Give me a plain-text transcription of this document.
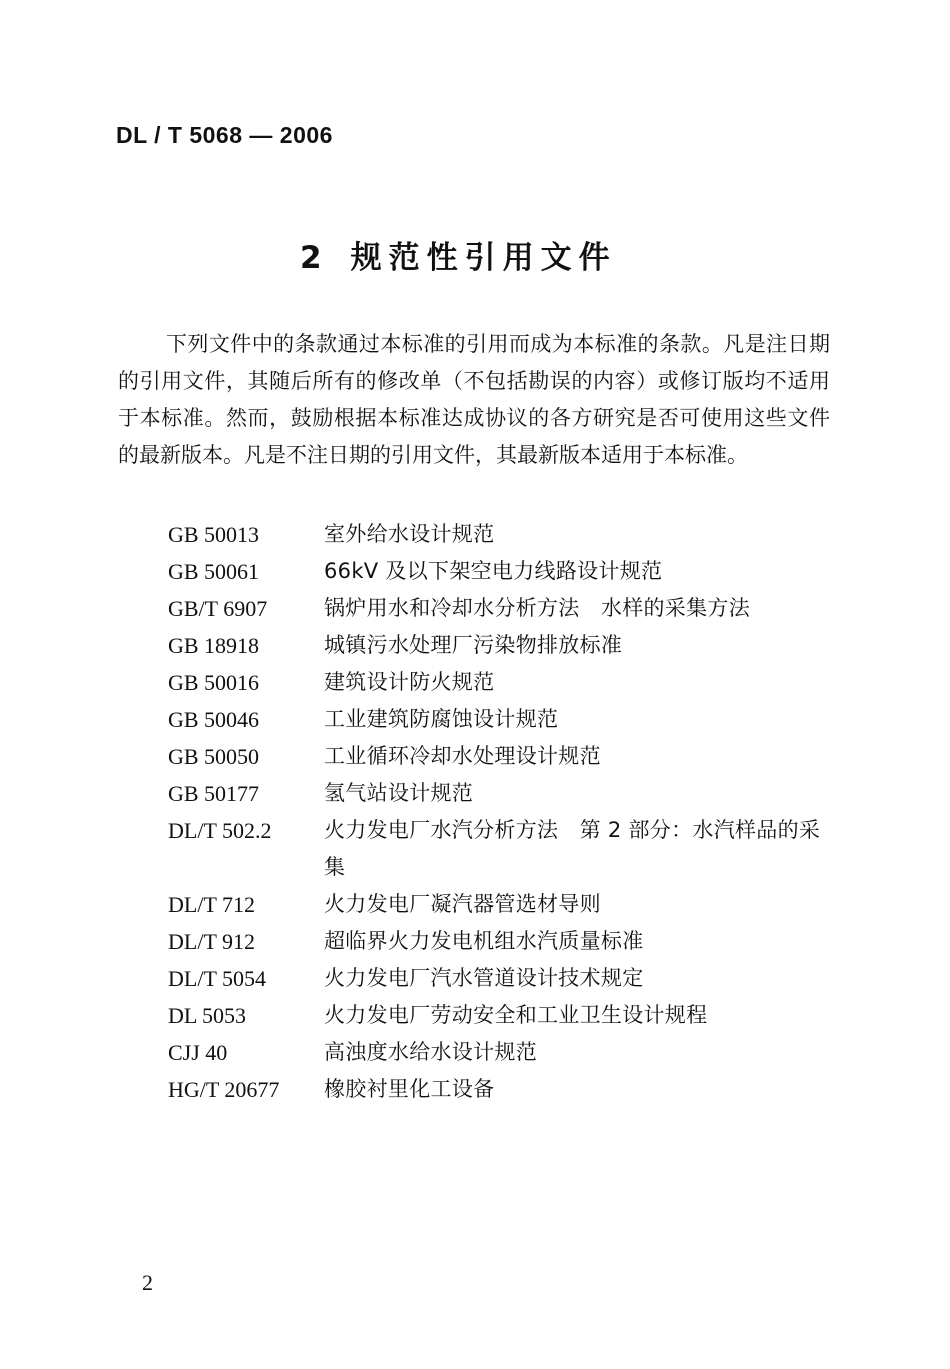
DL / T 5068 — 2006
2 规范性引用文件

下列文件中的条款通过本标准的引用而成为本标准的条款。凡是注日期的引用文件，其随后所有的修改单（不包括勘误的内容）或修订版均不适用于本标准。然而，鼓励根据本标准达成协议的各方研究是否可使用这些文件的最新版本。凡是不注日期的引用文件，其最新版本适用于本标准。

GB 50013	室外给水设计规范
GB 50061	66kV 及以下架空电力线路设计规范
GB/T 6907	锅炉用水和冷却水分析方法　水样的采集方法
GB 18918	城镇污水处理厂污染物排放标准
GB 50016	建筑设计防火规范
GB 50046	工业建筑防腐蚀设计规范
GB 50050	工业循环冷却水处理设计规范
GB 50177	氢气站设计规范
DL/T 502.2	火力发电厂水汽分析方法　第 2 部分：水汽样品的采集
DL/T 712	火力发电厂凝汽器管选材导则
DL/T 912	超临界火力发电机组水汽质量标准
DL/T 5054	火力发电厂汽水管道设计技术规定
DL 5053	火力发电厂劳动安全和工业卫生设计规程
CJJ 40	高浊度水给水设计规范
HG/T 20677	橡胶衬里化工设备
2
